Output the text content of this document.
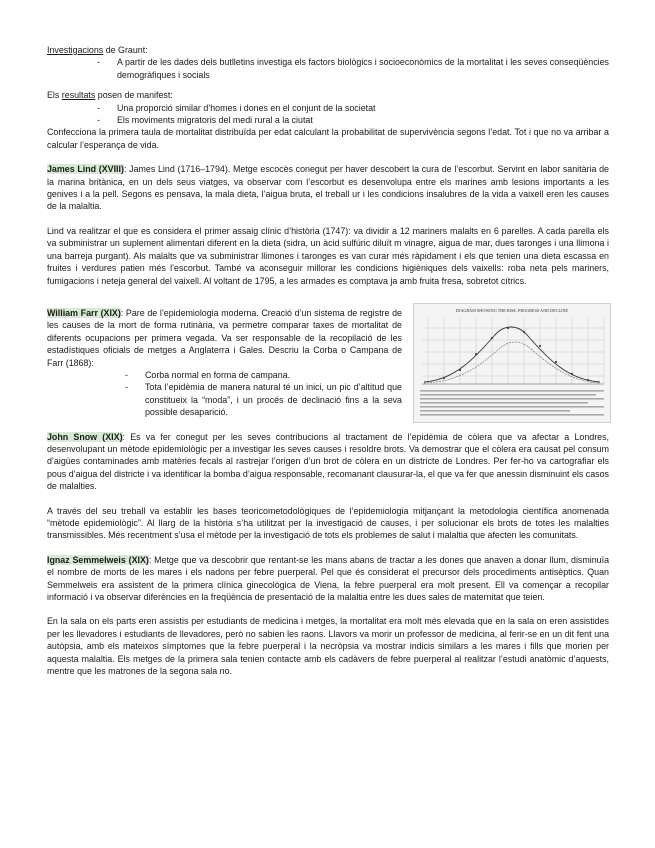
Investigacions de Graunt:

- A partir de les dades dels butlletins investiga els factors biològics i socioeconòmics de la mortalitat i les seves conseqüències demogràfiques i socials

Els resultats posen de manifest:

- Una proporció similar d’homes i dones en el conjunt de la societat
- Els moviments migratoris del medi rural a la ciutat

Confecciona la primera taula de mortalitat distribuïda per edat calculant la probabilitat de supervivència segons l’edat. Tot i que no va arribar a calcular l’esperança de vida.

James Lind (XVIII): James Lind (1716–1794). Metge escocès conegut per haver descobert la cura de l’escorbut. Servint en labor sanitària de la marina britànica, en un dels seus viatges, va observar com l’escorbut es desenvolupa entre els marines amb lesions importants a les genives i a la pell. Segons es pensava, la mala dieta, l’aigua bruta, el treball ur i les condicions insalubres de la vida a vaixell eren les causes de la malaltia.

Lind va realitzar el que es considera el primer assaig clínic d’història (1747): va dividir a 12 mariners malalts en 6 parelles. A cada parella els va subministrar un suplement alimentari diferent en la dieta (sidra, un àcid sulfúric diluït m vinagre, aigua de mar, dues taronges i una llimona i una barreja purgant). Als malalts que va subministrar llimones i taronges es van curar més ràpidament i els que tenien una dieta escassa en fruites i verdures patien més l’escorbut. També va aconseguir millorar les condicions higièniques dels vaixells: roba neta pels mariners, fumigacions i neteja general del vaixell. Al voltant de 1795, a les armades es comptava ja amb fruita fresa, sobretot cítrics.

William Farr (XIX): Pare de l’epidemiologia moderna. Creació d’un sistema de registre de les causes de la mort de forma rutinària, va permetre comparar taxes de mortalitat de diferents ocupacions per primera vegada. Va ser responsable de la recopilació de les estadístiques oficials de metges a Anglaterra i Gales. Descriu la Corba o Campana de Farr (1868):

- Corba normal en forma de campana.
- Tota l’epidèmia de manera natural té un inici, un pic d’altitud que constitueix la “moda”, i un procés de declinació fins a la seva possible desaparició.
DIAGRAM SHOWING THE RISE, PROGRESS AND DECLINE

John Snow (XIX): Es va fer conegut per les seves contribucions al tractament de l’epidèmia de còlera que va afectar a Londres, desenvolupant un mètode epidemiològic per a investigar les seves causes i resoldre brots. Va demostrar que el còlera era causat pel consum d’aigües contaminades amb matèries fecals al rastrejar l’origen d’un brot de còlera en un districte de Londres. Per fer-ho va cartografiar els pous d’aigua del districte i va identificar la bomba d’aigua responsable, recomanant clausurar-la, el que va fer que anessin disminuint els casos de malalties.

A través del seu treball va establir les bases teoricometodològiques de l’epidemiologia mitjançant la metodologia científica anomenada “mètode epidemiològic”. Al llarg de la història s’ha utilitzat per la investigació de causes, i per solucionar els brots de totes les malalties transmissibles. Més recentment s’usa el mètode per la investigació de tots els problemes de salut i malaltia que afecten les comunitats.

Ignaz Semmelweis (XIX): Metge que va descobrir que rentant-se les mans abans de tractar a les dones que anaven a donar llum, disminuïa el nombre de morts de les mares i els nadons per febre puerperal. Pel que és considerat el precursor dels procediments antisèptics. Quan Semmelweis era assistent de la primera clínica ginecològica de Viena, la febre puerperal era molt present. Ell va començar a recopilar informació i va observar diferències en la freqüència de presentació de la malaltia entre les dues sales de maternitat que teien.

En la sala on els parts eren assistis per estudiants de medicina i metges, la mortalitat era molt més elevada que en la sala on eren assistides per les llevadores i estudiants de llevadores, però no sabien les raons. Llavors va morir un professor de medicina, al ferir-se en un dit fent una autòpsia, amb els mateixos símptomes que la febre puerperal i la necròpsia va mostrar indicis similars a les mares i fills que morien per aquesta malaltia. Els metges de la primera sala tenien contacte amb els cadàvers de febre puerperal al realitzar l’estudi anatòmic d’aquests, mentre que les matrones de la segona sala no.
